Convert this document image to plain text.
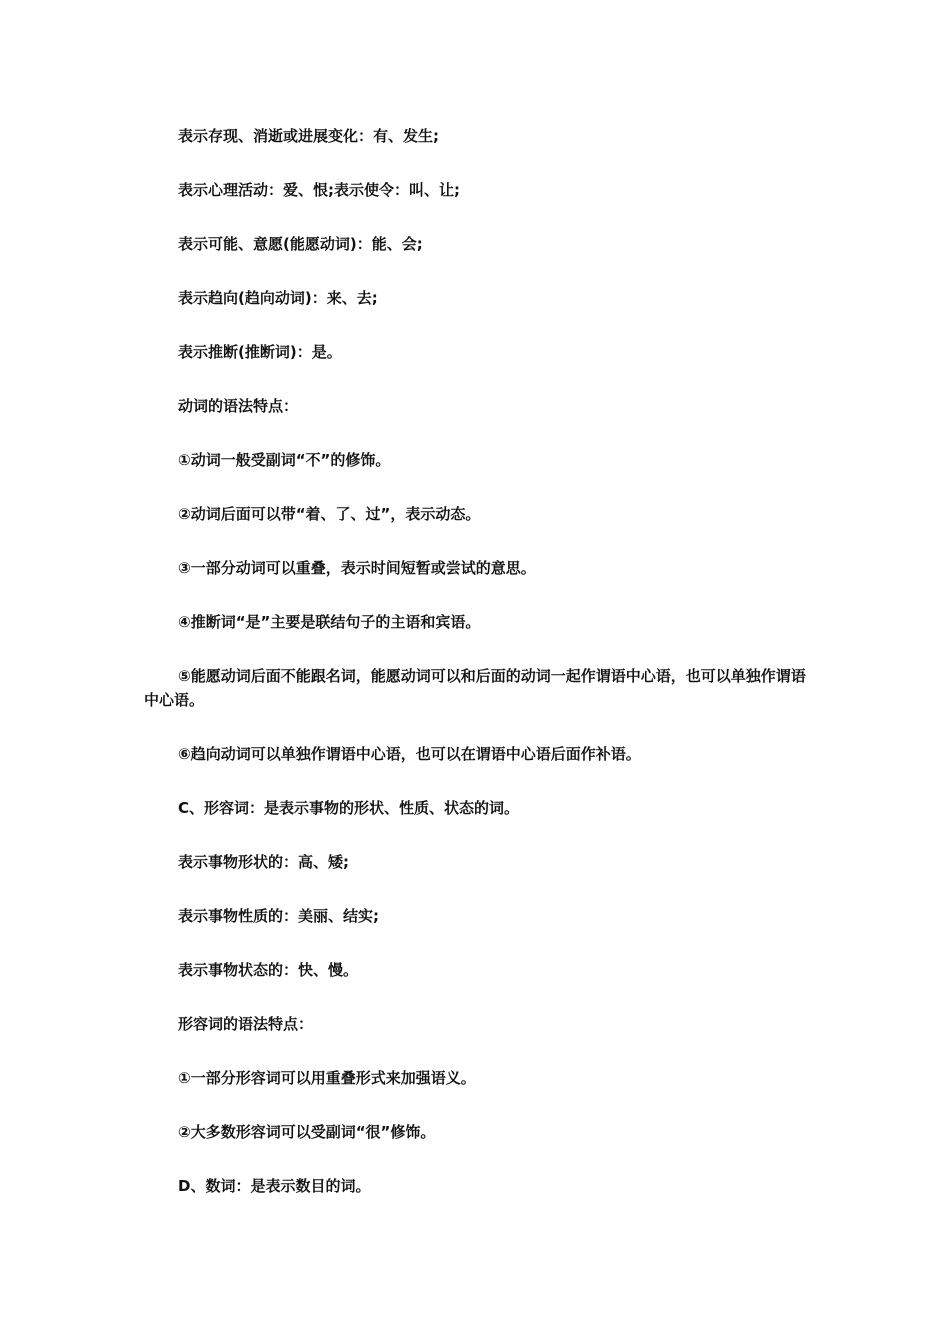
表示存现、消逝或进展变化：有、发生;

表示心理活动：爱、恨;表示使令：叫、让;

表示可能、意愿(能愿动词)：能、会;

表示趋向(趋向动词)：来、去;

表示推断(推断词)：是。

动词的语法特点：

①动词一般受副词“不”的修饰。

②动词后面可以带“着、了、过”，表示动态。

③一部分动词可以重叠，表示时间短暂或尝试的意思。

④推断词“是”主要是联结句子的主语和宾语。

⑤能愿动词后面不能跟名词，能愿动词可以和后面的动词一起作谓语中心语，也可以单独作谓语中心语。

⑥趋向动词可以单独作谓语中心语，也可以在谓语中心语后面作补语。

C、形容词：是表示事物的形状、性质、状态的词。

表示事物形状的：高、矮;

表示事物性质的：美丽、结实;

表示事物状态的：快、慢。

形容词的语法特点：

①一部分形容词可以用重叠形式来加强语义。

②大多数形容词可以受副词“很”修饰。

D、数词：是表示数目的词。
